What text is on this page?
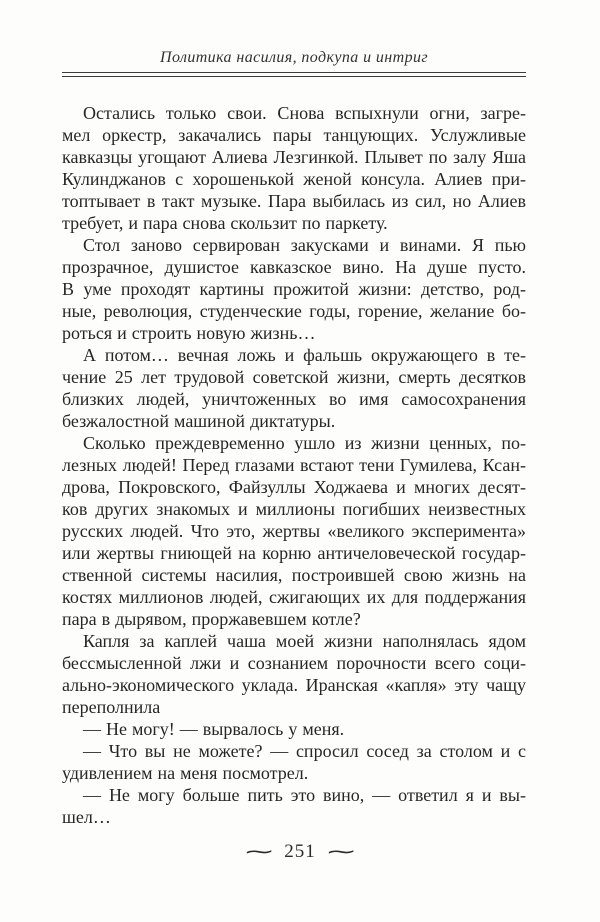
Политика насилия, подкупа и интриг
Остались только свои. Снова вспыхнули огни, загре-
мел оркестр, закачались пары танцующих. Услужливые
кавказцы угощают Алиева Лезгинкой. Плывет по залу Яша
Кулинджанов с хорошенькой женой консула. Алиев при-
топтывает в такт музыке. Пара выбилась из сил, но Алиев
требует, и пара снова скользит по паркету.
Стол заново сервирован закусками и винами. Я пью
прозрачное, душистое кавказское вино. На душе пусто.
В уме проходят картины прожитой жизни: детство, род-
ные, революция, студенческие годы, горение, желание бо-
роться и строить новую жизнь…
А потом… вечная ложь и фальшь окружающего в те-
чение 25 лет трудовой советской жизни, смерть десятков
близких людей, уничтоженных во имя самосохранения
безжалостной машиной диктатуры.
Сколько преждевременно ушло из жизни ценных, по-
лезных людей! Перед глазами встают тени Гумилева, Ксан-
дрова, Покровского, Файзуллы Ходжаева и многих десят-
ков других знакомых и миллионы погибших неизвестных
русских людей. Что это, жертвы «великого эксперимента»
или жертвы гниющей на корню античеловеческой государ-
ственной системы насилия, построившей свою жизнь на
костях миллионов людей, сжигающих их для поддержания
пара в дырявом, проржавевшем котле?
Капля за каплей чаша моей жизни наполнялась ядом
бессмысленной лжи и сознанием порочности всего соци-
ально-экономического уклада. Иранская «капля» эту чащу
переполнила
— Не могу! — вырвалось у меня.
— Что вы не можете? — спросил сосед за столом и с
удивлением на меня посмотрел.
— Не могу больше пить это вино, — ответил я и вы-
шел…
∼ 251 ∼
